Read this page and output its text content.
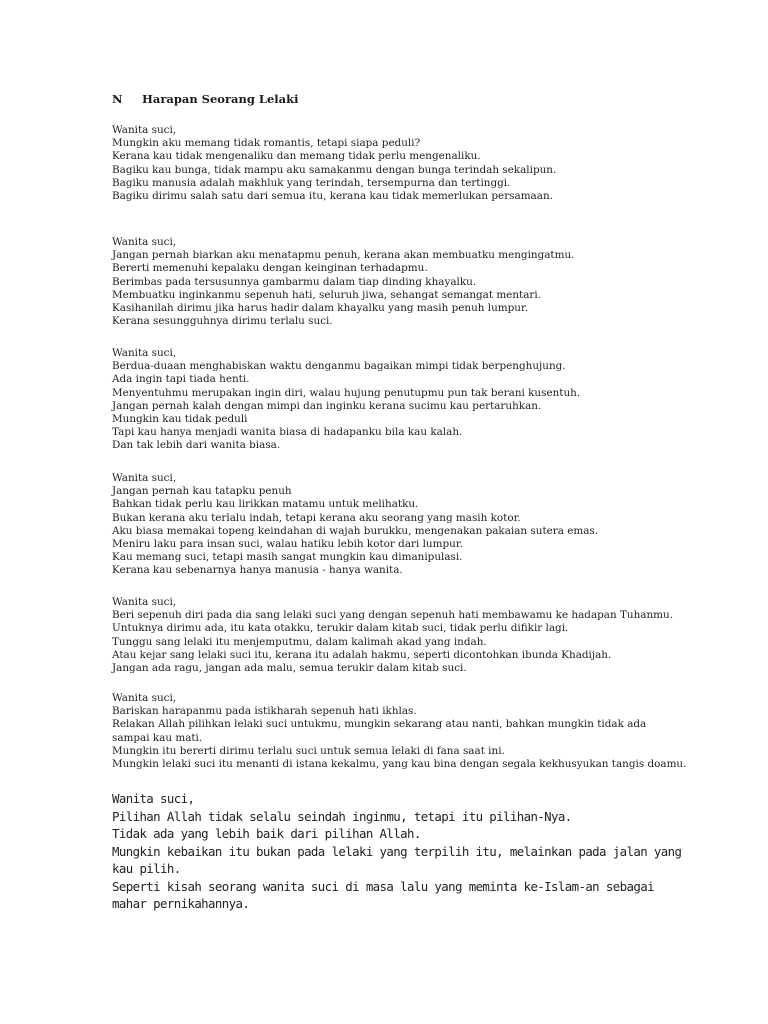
N Harapan Seorang Lelaki
Wanita suci,
Mungkin aku memang tidak romantis, tetapi siapa peduli?
Kerana kau tidak mengenaliku dan memang tidak perlu mengenaliku.
Bagiku kau bunga, tidak mampu aku samakanmu dengan bunga terindah sekalipun.
Bagiku manusia adalah makhluk yang terindah, tersempurna dan tertinggi.
Bagiku dirimu salah satu dari semua itu, kerana kau tidak memerlukan persamaan.
Wanita suci,
Jangan pernah biarkan aku menatapmu penuh, kerana akan membuatku mengingatmu.
Bererti memenuhi kepalaku dengan keinginan terhadapmu.
Berimbas pada tersusunnya gambarmu dalam tiap dinding khayalku.
Membuatku inginkanmu sepenuh hati, seluruh jiwa, sehangat semangat mentari.
Kasihanilah dirimu jika harus hadir dalam khayalku yang masih penuh lumpur.
Kerana sesungguhnya dirimu terlalu suci.
Wanita suci,
Berdua-duaan menghabiskan waktu denganmu bagaikan mimpi tidak berpenghujung.
Ada ingin tapi tiada henti.
Menyentuhmu merupakan ingin diri, walau hujung penutupmu pun tak berani kusentuh.
Jangan pernah kalah dengan mimpi dan inginku kerana sucimu kau pertaruhkan.
Mungkin kau tidak peduli
Tapi kau hanya menjadi wanita biasa di hadapanku bila kau kalah.
Dan tak lebih dari wanita biasa.
Wanita suci,
Jangan pernah kau tatapku penuh
Bahkan tidak perlu kau lirikkan matamu untuk melihatku.
Bukan kerana aku terlalu indah, tetapi kerana aku seorang yang masih kotor.
Aku biasa memakai topeng keindahan di wajah burukku, mengenakan pakaian sutera emas.
Meniru laku para insan suci, walau hatiku lebih kotor dari lumpur.
Kau memang suci, tetapi masih sangat mungkin kau dimanipulasi.
Kerana kau sebenarnya hanya manusia - hanya wanita.
Wanita suci,
Beri sepenuh diri pada dia sang lelaki suci yang dengan sepenuh hati membawamu ke hadapan Tuhanmu.
Untuknya dirimu ada, itu kata otakku, terukir dalam kitab suci, tidak perlu difikir lagi.
Tunggu sang lelaki itu menjemputmu, dalam kalimah akad yang indah.
Atau kejar sang lelaki suci itu, kerana itu adalah hakmu, seperti dicontohkan ibunda Khadijah.
Jangan ada ragu, jangan ada malu, semua terukir dalam kitab suci.
Wanita suci,
Bariskan harapanmu pada istikharah sepenuh hati ikhlas.
Relakan Allah pilihkan lelaki suci untukmu, mungkin sekarang atau nanti, bahkan mungkin tidak ada sampai kau mati.
Mungkin itu bererti dirimu terlalu suci untuk semua lelaki di fana saat ini.
Mungkin lelaki suci itu menanti di istana kekalmu, yang kau bina dengan segala kekhusyukan tangis doamu.
Wanita suci,
Pilihan Allah tidak selalu seindah inginmu, tetapi itu pilihan-Nya.
Tidak ada yang lebih baik dari pilihan Allah.
Mungkin kebaikan itu bukan pada lelaki yang terpilih itu, melainkan pada jalan yang kau pilih.
Seperti kisah seorang wanita suci di masa lalu yang meminta ke-Islam-an sebagai mahar pernikahannya.
